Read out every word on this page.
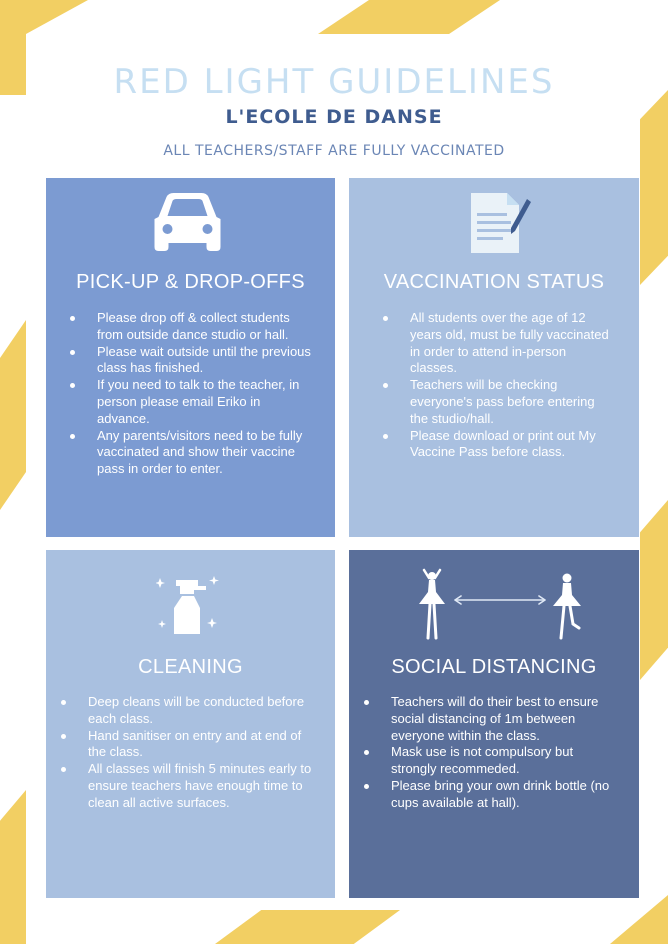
RED LIGHT GUIDELINES
L'ECOLE DE DANSE

ALL TEACHERS/STAFF ARE FULLY VACCINATED

PICK-UP & DROP-OFFS
Please drop off & collect students from outside dance studio or hall.
Please wait outside until the previous class has finished.
If you need to talk to the teacher, in person please email Eriko in advance.
Any parents/visitors need to be fully vaccinated and show their vaccine pass in order to enter.
VACCINATION STATUS
All students over the age of 12 years old, must be fully vaccinated in order to attend in-person classes.
Teachers will be checking everyone's pass before entering the studio/hall.
Please download or print out My Vaccine Pass before class.
CLEANING
Deep cleans will be conducted before each class.
Hand sanitiser on entry and at end of the class.
All classes will finish 5 minutes early to ensure teachers have enough time to clean all active surfaces.
SOCIAL DISTANCING
Teachers will do their best to ensure social distancing of 1m between everyone within the class.
Mask use is not compulsory but strongly recommeded.
Please bring your own drink bottle (no cups available at hall).
